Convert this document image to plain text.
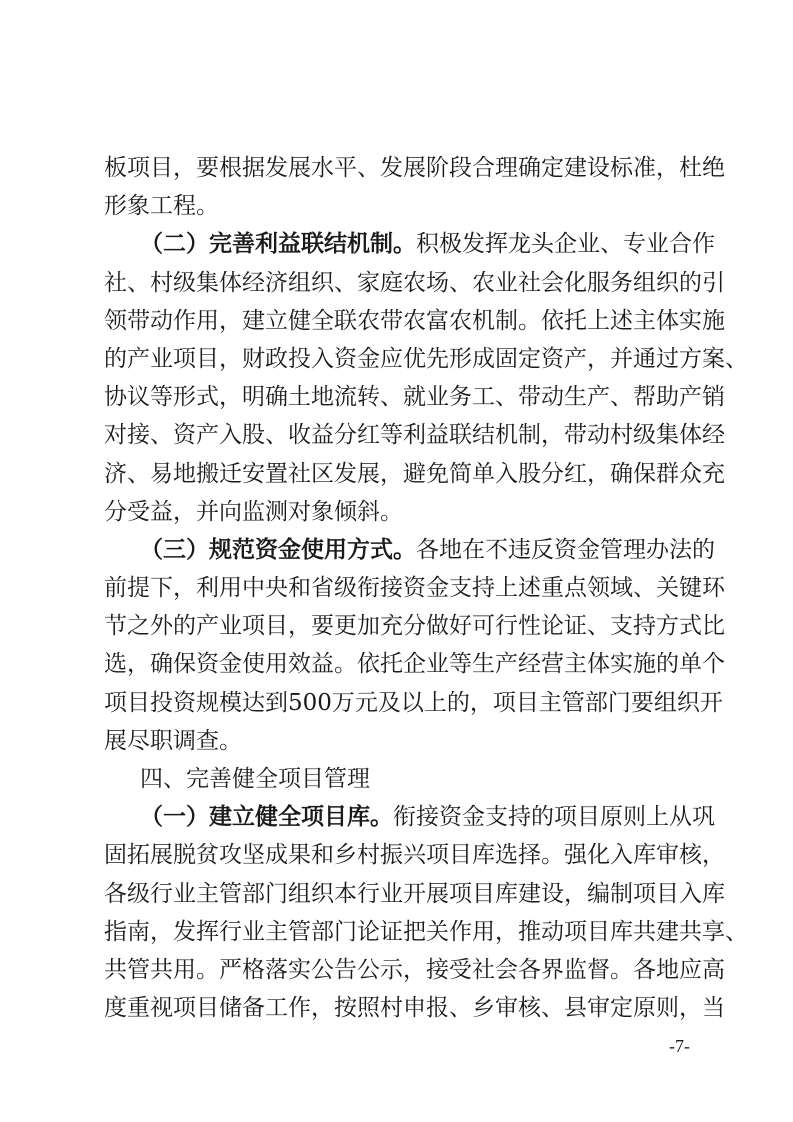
板项目，要根据发展水平、发展阶段合理确定建设标准，杜绝
形象工程。
（二）完善利益联结机制。积极发挥龙头企业、专业合作
社、村级集体经济组织、家庭农场、农业社会化服务组织的引
领带动作用，建立健全联农带农富农机制。依托上述主体实施
的产业项目，财政投入资金应优先形成固定资产，并通过方案、
协议等形式，明确土地流转、就业务工、带动生产、帮助产销
对接、资产入股、收益分红等利益联结机制，带动村级集体经
济、易地搬迁安置社区发展，避免简单入股分红，确保群众充
分受益，并向监测对象倾斜。
（三）规范资金使用方式。各地在不违反资金管理办法的
前提下，利用中央和省级衔接资金支持上述重点领域、关键环
节之外的产业项目，要更加充分做好可行性论证、支持方式比
选，确保资金使用效益。依托企业等生产经营主体实施的单个
项目投资规模达到500万元及以上的，项目主管部门要组织开
展尽职调查。
四、完善健全项目管理
（一）建立健全项目库。衔接资金支持的项目原则上从巩
固拓展脱贫攻坚成果和乡村振兴项目库选择。强化入库审核，
各级行业主管部门组织本行业开展项目库建设，编制项目入库
指南，发挥行业主管部门论证把关作用，推动项目库共建共享、
共管共用。严格落实公告公示，接受社会各界监督。各地应高
度重视项目储备工作，按照村申报、乡审核、县审定原则，当
-7-
